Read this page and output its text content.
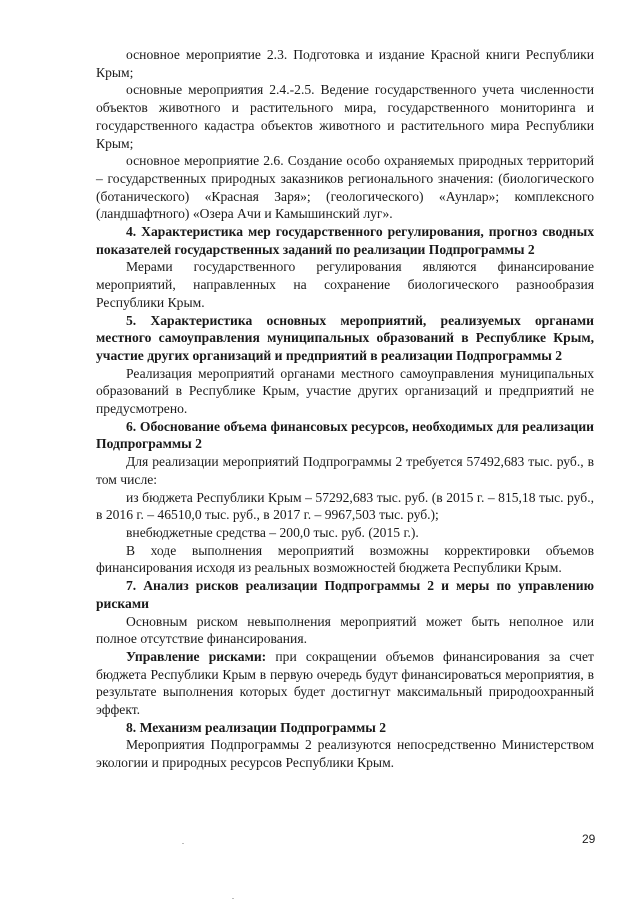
основное мероприятие 2.3. Подготовка и издание Красной книги Республики Крым;

основные мероприятия 2.4.-2.5. Ведение государственного учета численности объектов животного и растительного мира, государственного мониторинга и государственного кадастра объектов животного и растительного мира Республики Крым;

основное мероприятие 2.6. Создание особо охраняемых природных территорий – государственных природных заказников регионального значения: (биологического (ботанического) «Красная Заря»; (геологического) «Аунлар»; комплексного (ландшафтного) «Озера Ачи и Камышинский луг».

4. Характеристика мер государственного регулирования, прогноз сводных показателей государственных заданий по реализации Подпрограммы 2

Мерами государственного регулирования являются финансирование мероприятий, направленных на сохранение биологического разнообразия Республики Крым.

5. Характеристика основных мероприятий, реализуемых органами местного самоуправления муниципальных образований в Республике Крым, участие других организаций и предприятий в реализации Подпрограммы 2

Реализация мероприятий органами местного самоуправления муниципальных образований в Республике Крым, участие других организаций и предприятий не предусмотрено.

6. Обоснование объема финансовых ресурсов, необходимых для реализации Подпрограммы 2

Для реализации мероприятий Подпрограммы 2 требуется 57492,683 тыс. руб., в том числе:

из бюджета Республики Крым – 57292,683 тыс. руб. (в 2015 г. – 815,18 тыс. руб., в 2016 г. – 46510,0 тыс. руб., в 2017 г. – 9967,503 тыс. руб.);

внебюджетные средства – 200,0 тыс. руб. (2015 г.).

В ходе выполнения мероприятий возможны корректировки объемов финансирования исходя из реальных возможностей бюджета Республики Крым.

7. Анализ рисков реализации Подпрограммы 2 и меры по управлению рисками

Основным риском невыполнения мероприятий может быть неполное или полное отсутствие финансирования.

Управление рисками: при сокращении объемов финансирования за счет бюджета Республики Крым в первую очередь будут финансироваться мероприятия, в результате выполнения которых будет достигнут максимальный природоохранный эффект.

8. Механизм реализации Подпрограммы 2

Мероприятия Подпрограммы 2 реализуются непосредственно Министерством экологии и природных ресурсов Республики Крым.

29
